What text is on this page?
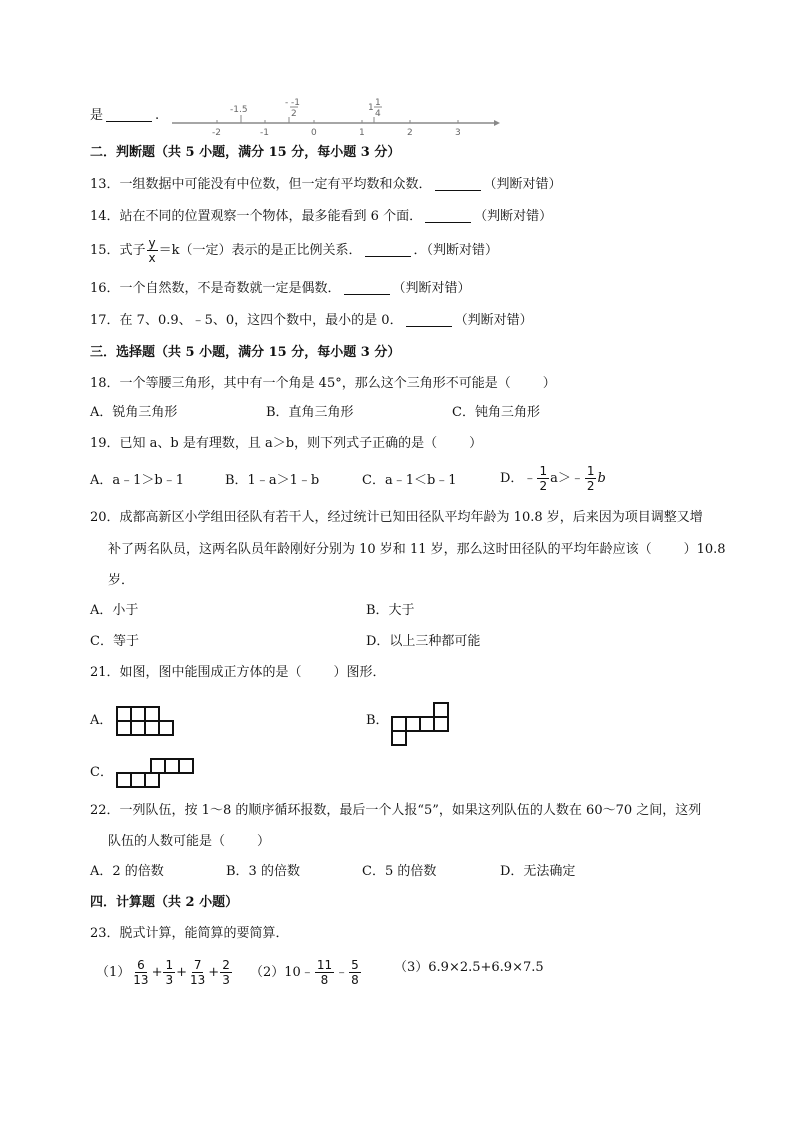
是	.
-2	-1	0	1	2	3
-1.5
- -1
2
1 1
4
二．判断题（共 5 小题，满分 15 分，每小题 3 分）
13．一组数据中可能没有中位数，但一定有平均数和众数．	（判断对错）
14．站在不同的位置观察一个物体，最多能看到 6 个面．	（判断对错）
15．式子 $\frac{y}{x} =k$（一定）表示的是正比例关系．	．（判断对错）
16．一个自然数，不是奇数就一定是偶数．	（判断对错）
17．在 7、0.9、﹣5、0，这四个数中，最小的是 0．	（判断对错）
三．选择题（共 5 小题，满分 15 分，每小题 3 分）
18．一个等腰三角形，其中有一个角是 45°，那么这个三角形不可能是（ ）
A．锐角三角形	B．直角三角形	C．钝角三角形
19．已知 a、b 是有理数，且 a＞b，则下列式子正确的是（ ）
A．a﹣1＞b﹣1	B．1﹣a＞1﹣b	C．a﹣1＜b﹣1	D．﹣ $\frac{1}{2}$ a＞﹣ $\frac{1}{2}$ b
20．成都高新区小学组田径队有若干人，经过统计已知田径队平均年龄为 10.8 岁，后来因为项目调整又增
补了两名队员，这两名队员年龄刚好分别为 10 岁和 11 岁，那么这时田径队的平均年龄应该（ ）10.8
岁．
A．小于	B．大于
C．等于	D．以上三种都可能
21．如图，图中能围成正方体的是（ ）图形．
A．	B．
C．
22．一列队伍，按 1～8 的顺序循环报数，最后一个人报“5”，如果这列队伍的人数在 60～70 之间，这列
队伍的人数可能是（ ）
A．2 的倍数	B．3 的倍数	C．5 的倍数	D．无法确定
四．计算题（共 2 小题）
23．脱式计算，能简算的要简算．
$(1) \frac{6}{13} + \frac{1}{3} + \frac{7}{13} + \frac{2}{3}$ （2）10﹣ $\frac{11}{8}$ ﹣ $\frac{5}{8}$	（3）6.9×2.5+6.9×7.5
